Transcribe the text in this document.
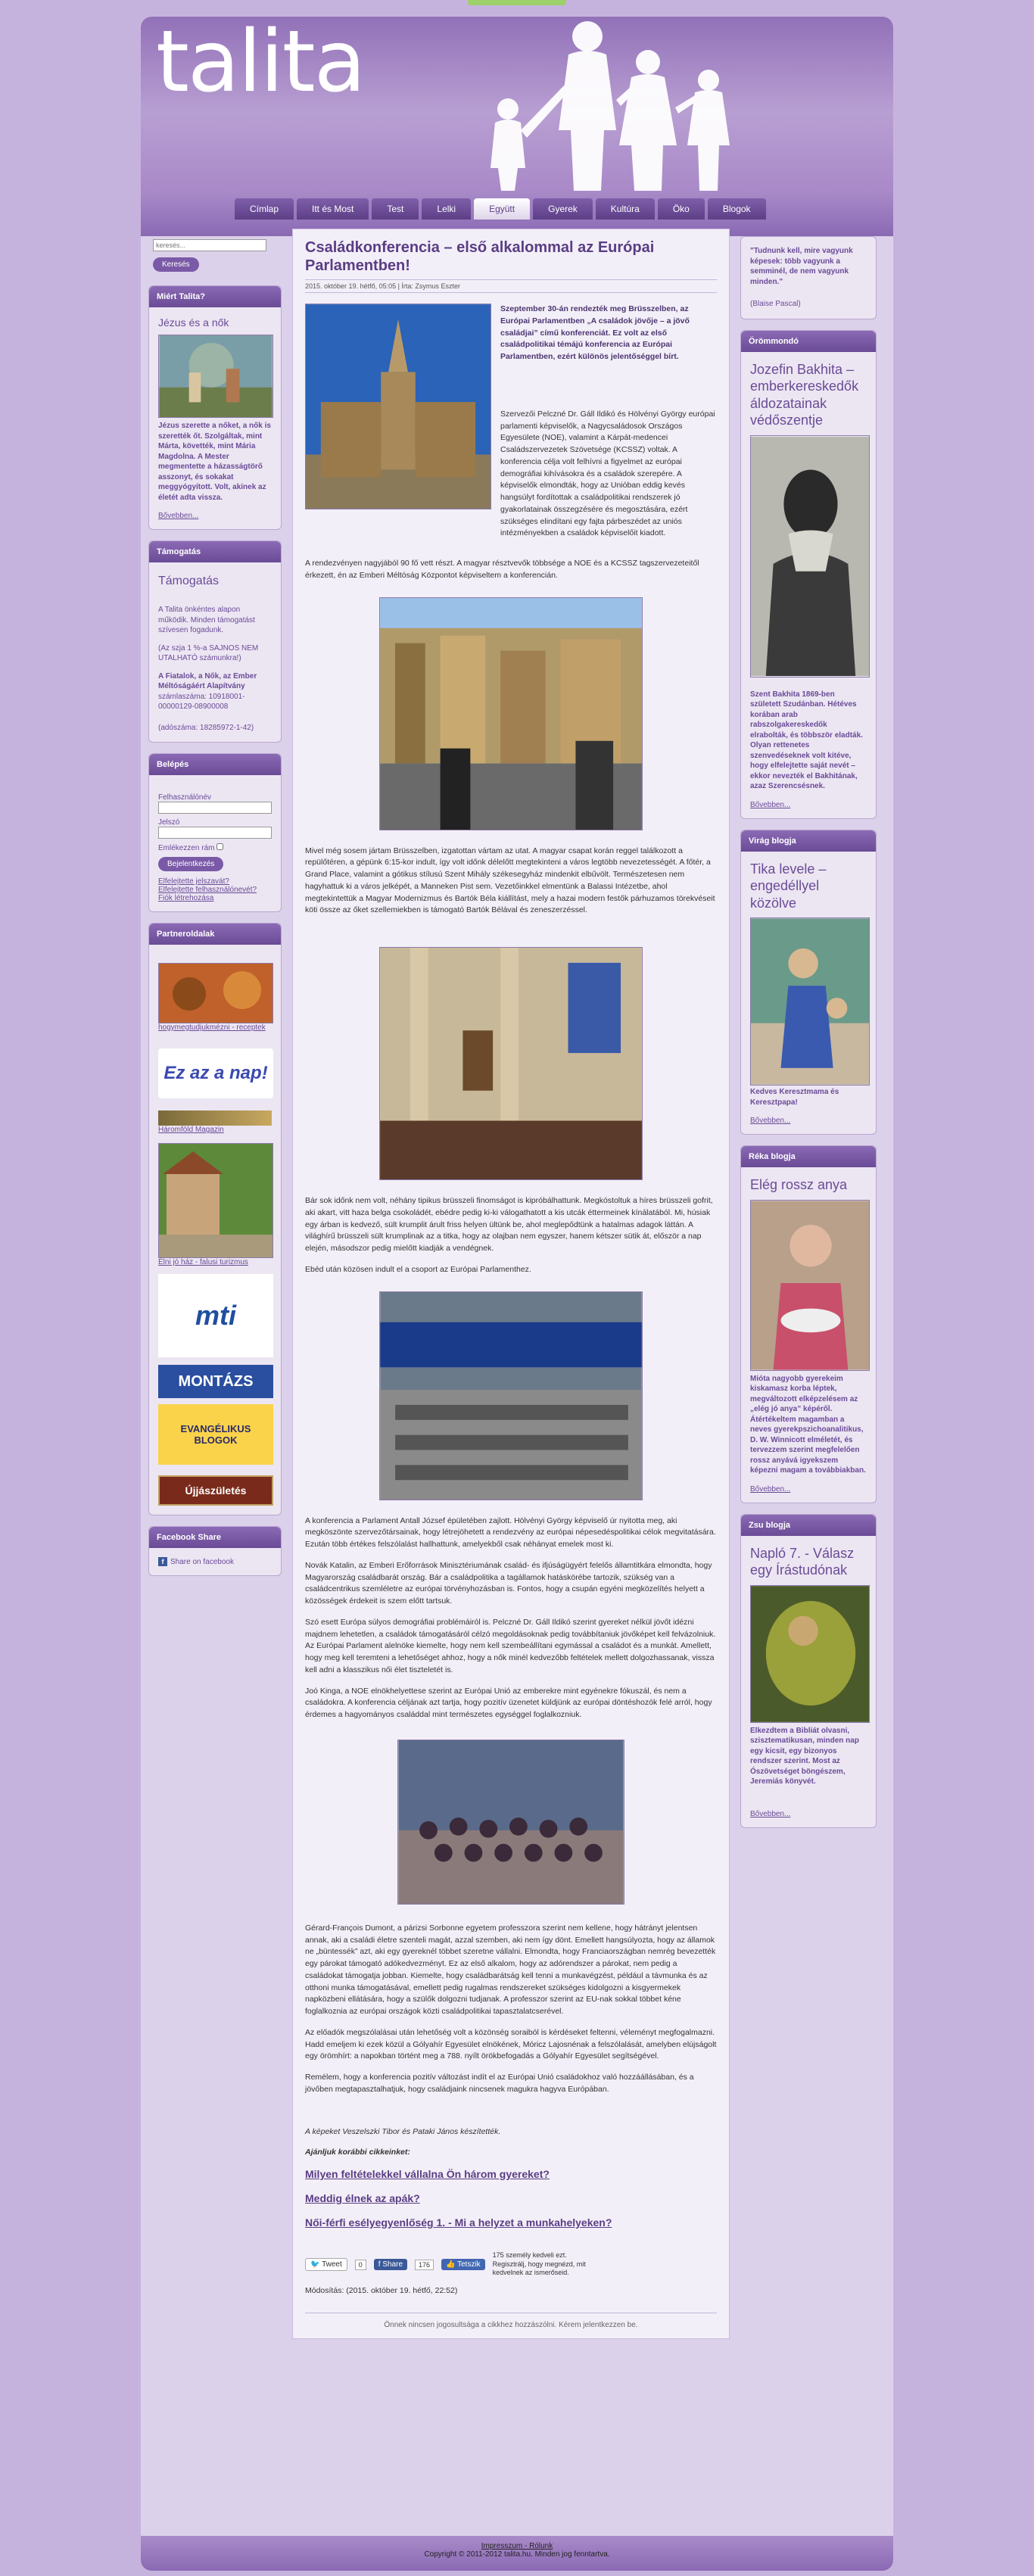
talita
Címlap	Itt és Most	Test	Lelki	Együtt	Gyerek	Kultúra	Öko	Blogok
keresés... Keresés
Miért Talita?
Jézus és a nők

Jézus szerette a nőket, a nők is szerették őt. Szolgáltak, mint Márta, követték, mint Mária Magdolna. A Mester megmentette a házasságtörő asszonyt, és sokakat meggyógyított. Volt, akinek az életét adta vissza.

Bővebben...
Támogatás
Támogatás

A Talita önkéntes alapon működik. Minden támogatást szívesen fogadunk.

(Az szja 1 %-a SAJNOS NEM UTALHATÓ számunkra!)

A Fiatalok, a Nők, az Ember Méltóságáért Alapítvány

számlaszáma: 10918001-00000129-08900008

(adószáma: 18285972-1-42)

Belépés
Felhasználónév
Jelszó
Emlékezzen rám
Bejelentkezés
Elfelejtette jelszavát?
Elfelejtette felhasználónevét?
Fiók létrehozása
Partneroldalak
hogymegtudjukmézni - receptek
Ez az a nap!
Háromföld Magazin
Élni jó ház - falusi turizmus
mti
MONTÁZS
EVANGÉLIKUS BLOGOK
Újjászületés
Facebook Share
f Share on facebook
Családkonferencia – első alkalommal az Európai Parlamentben!
2015. október 19. hétfő, 05:05 | Írta: Zsymus Eszter

Szeptember 30-án rendezték meg Brüsszelben, az Európai Parlamentben „A családok jövője – a jövő családjai” című konferenciát. Ez volt az első családpolitikai témájú konferencia az Európai Parlamentben, ezért különös jelentőséggel bírt.

Szervezői Pelczné Dr. Gáll Ildikó és Hölvényi György európai parlamenti képviselők, a Nagycsaládosok Országos Egyesülete (NOE), valamint a Kárpát-medencei Családszervezetek Szövetsége (KCSSZ) voltak. A konferencia célja volt felhívni a figyelmet az európai demográfiai kihívásokra és a családok szerepére. A képviselők elmondták, hogy az Unióban eddig kevés hangsúlyt fordítottak a családpolitikai rendszerek jó gyakorlatainak összegzésére és megosztására, ezért szükséges elindítani egy fajta párbeszédet az uniós intézményekben a családok képviselőit kiadott.

A rendezvényen nagyjából 90 fő vett részt. A magyar résztvevők többsége a NOE és a KCSSZ tagszervezeteitől érkezett, én az Emberi Méltóság Központot képviseltem a konferencián.

Mivel még sosem jártam Brüsszelben, izgatottan vártam az utat. A magyar csapat korán reggel találkozott a repülőtéren, a gépünk 6:15-kor indult, így volt időnk délelőtt megtekinteni a város legtöbb nevezetességét. A főtér, a Grand Place, valamint a gótikus stílusú Szent Mihály székesegyház mindenkit elbűvölt. Természetesen nem hagyhattuk ki a város jelképét, a Manneken Pist sem. Vezetőinkkel elmentünk a Balassi Intézetbe, ahol megtekintettük a Magyar Modernizmus és Bartók Béla kiállítást, mely a hazai modern festők párhuzamos törekvéseit köti össze az őket szellemiekben is támogató Bartók Bélával és zeneszerzéssel.

Bár sok időnk nem volt, néhány tipikus brüsszeli finomságot is kipróbálhattunk. Megkóstoltuk a híres brüsszeli gofrit, aki akart, vitt haza belga csokoládét, ebédre pedig ki-ki válogathatott a kis utcák éttermeinek kínálatából. Mi, húsiak egy árban is kedvező, sült krumplit árult friss helyen ültünk be, ahol meglepődtünk a hatalmas adagok láttán. A világhírű brüsszeli sült krumplinak az a titka, hogy az olajban nem egyszer, hanem kétszer sütik át, először a nap elején, másodszor pedig mielőtt kiadják a vendégnek.

Ebéd után közösen indult el a csoport az Európai Parlamenthez.

A konferencia a Parlament Antall József épületében zajlott. Hölvényi György képviselő úr nyitotta meg, aki megköszönte szervezőtársainak, hogy létrejöhetett a rendezvény az európai népesedéspolitikai célok megvitatására. Ezután több értékes felszólalást hallhattunk, amelyekből csak néhányat emelek most ki.

Novák Katalin, az Emberi Erőforrások Minisztériumának család- és ifjúságügyért felelős államtitkára elmondta, hogy Magyarország családbarát ország. Bár a családpolitika a tagállamok hatáskörébe tartozik, szükség van a családcentrikus szemléletre az európai törvényhozásban is. Fontos, hogy a csupán egyéni megközelítés helyett a közösségek érdekeit is szem előtt tartsuk.

Szó esett Európa súlyos demográfiai problémáiról is. Pelczné Dr. Gáll Ildikó szerint gyereket nélkül jövőt idézni majdnem lehetetlen, a családok támogatásáról célzó megoldásoknak pedig továbbítaniuk jövőképet kell felvázolniuk. Az Európai Parlament alelnöke kiemelte, hogy nem kell szembeállítani egymással a családot és a munkát. Amellett, hogy meg kell teremteni a lehetőséget ahhoz, hogy a nők minél kedvezőbb feltételek mellett dolgozhassanak, vissza kell adni a klasszikus női élet tiszteletét is.

Joó Kinga, a NOE elnökhelyettese szerint az Európai Unió az emberekre mint egyénekre fókuszál, és nem a családokra. A konferencia céljának azt tartja, hogy pozitív üzenetet küldjünk az európai döntéshozók felé arról, hogy érdemes a hagyományos családdal mint természetes egységgel foglalkozniuk.

Gérard-François Dumont, a párizsi Sorbonne egyetem professzora szerint nem kellene, hogy hátrányt jelentsen annak, aki a családi életre szenteli magát, azzal szemben, aki nem így dönt. Emellett hangsúlyozta, hogy az államok ne „büntessék” azt, aki egy gyereknél többet szeretne vállalni. Elmondta, hogy Franciaországban nemrég bevezették egy párokat támogató adókedvezményt. Ez az első alkalom, hogy az adórendszer a párokat, nem pedig a családokat támogatja jobban. Kiemelte, hogy családbarátság kell tenni a munkavégzést, például a távmunka és az otthoni munka támogatásával, emellett pedig rugalmas rendszereket szükséges kidolgozni a kisgyermekek napközbeni ellátására, hogy a szülők dolgozni tudjanak. A professzor szerint az EU-nak sokkal többet kéne foglalkoznia az európai országok közti családpolitikai tapasztalatcserével.

Az előadók megszólalásai után lehetőség volt a közönség soraiból is kérdéseket feltenni, véleményt megfogalmazni. Hadd emeljem ki ezek közül a Gólyahír Egyesület elnökének, Móricz Lajosnénak a felszólalását, amelyben elújságolt egy örömhírt: a napokban történt meg a 788. nyílt örökbefogadás a Gólyahír Egyesület segítségével.

Remélem, hogy a konferencia pozitív változást indít el az Európai Unió családokhoz való hozzáállásában, és a jövőben megtapasztalhatjuk, hogy családjaink nincsenek magukra hagyva Európában.

A képeket Veszelszki Tibor és Pataki János készítették.

Ajánljuk korábbi cikkeinket:

Milyen feltételekkel vállalna Ön három gyereket?
Meddig élnek az apák?
Női-férfi esélyegyenlőség 1. - Mi a helyzet a munkahelyeken?
🐦 Tweet	0	f Share	176	👍 Tetszik
175 személy kedveli ezt. Regisztrálj, hogy megnézd, mit kedvelnek az ismerőseid.

Módosítás: (2015. október 19. hétfő, 22:52)

Önnek nincsen jogosultsága a cikkhez hozzászólni. Kérem jelentkezzen be.

"Tudnunk kell, mire vagyunk képesek: több vagyunk a semminél, de nem vagyunk minden."

(Blaise Pascal)

Örömmondó
Jozefin Bakhita – emberkereskedők áldozatainak védőszentje

Szent Bakhita 1869-ben született Szudánban. Hétéves korában arab rabszolgakereskedők elrabolták, és többször eladták. Olyan rettenetes szenvedéseknek volt kitéve, hogy elfelejtette saját nevét – ekkor nevezték el Bakhitának, azaz Szerencsésnek.

Bővebben...
Virág blogja
Tika levele – engedéllyel közölve

Kedves Keresztmama és Keresztpapa!

Bővebben...
Réka blogja
Elég rossz anya

Mióta nagyobb gyerekeim kiskamasz korba léptek, megváltozott elképzelésem az „elég jó anya” képéről. Átértékeltem magamban a neves gyerekpszichoanalitikus, D. W. Winnicott elméletét, és tervezzem szerint megfelelően rossz anyává igyekszem képezni magam a továbbiakban.

Bővebben...
Zsu blogja
Napló 7. - Válasz egy Írástudónak

Elkezdtem a Bibliát olvasni, szisztematikusan, minden nap egy kicsit, egy bizonyos rendszer szerint. Most az Ószövetséget böngészem, Jeremiás könyvét.

Bővebben...
Impresszum - Rólunk
Copyright © 2011-2012 talita.hu. Minden jog fenntartva.
